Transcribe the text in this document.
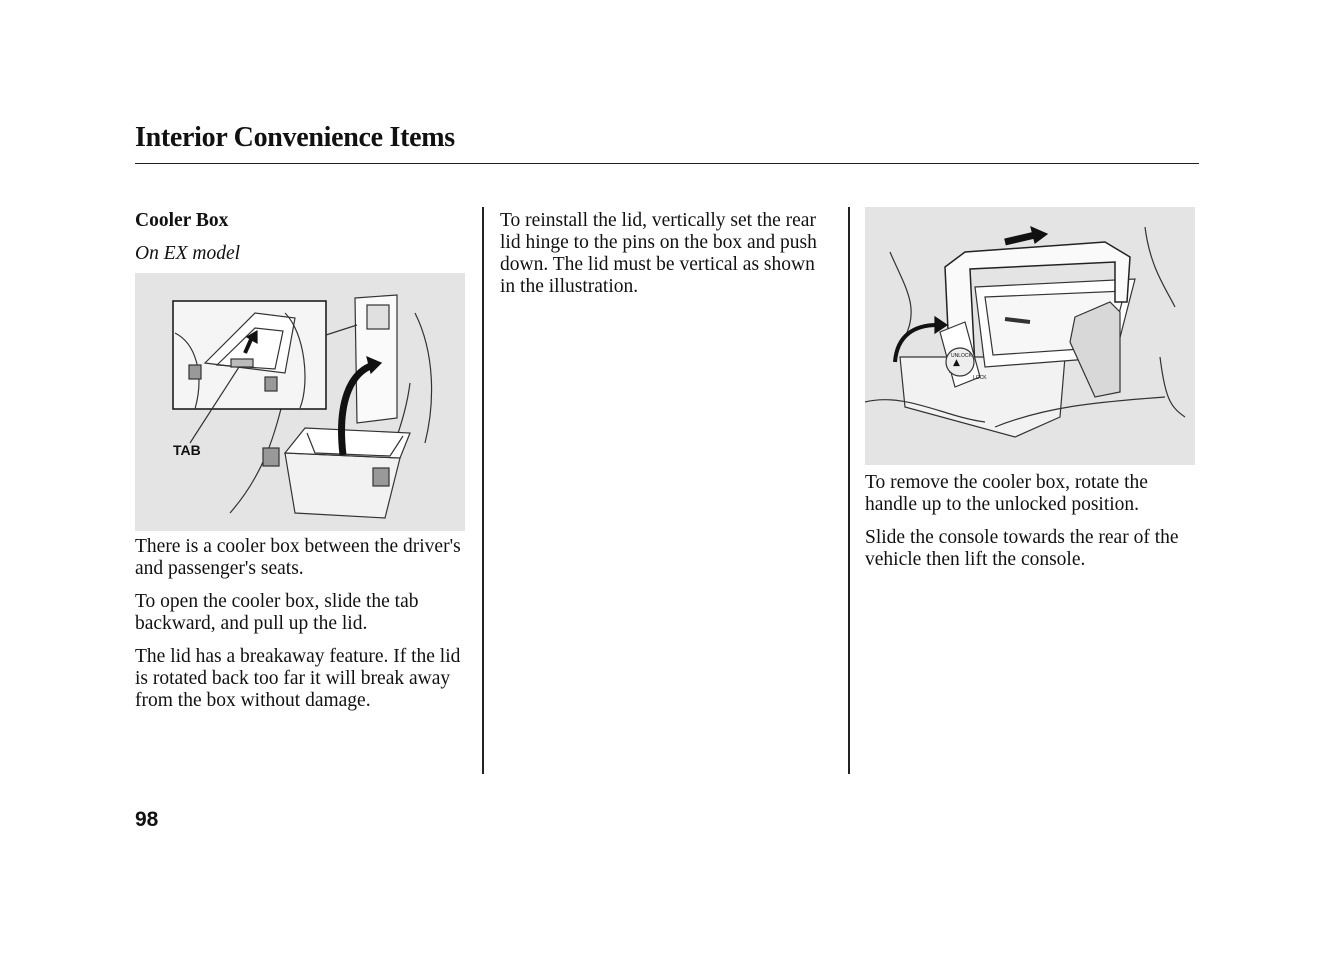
Interior Convenience Items

Cooler Box

On EX model

TAB

There is a cooler box between the driver's and passenger's seats.

To open the cooler box, slide the tab backward, and pull up the lid.

The lid has a breakaway feature. If the lid is rotated back too far it will break away from the box without damage.

To reinstall the lid, vertically set the rear lid hinge to the pins on the box and push down. The lid must be vertical as shown in the illustration.

UNLOCK
LOCK
▲

To remove the cooler box, rotate the handle up to the unlocked position.

Slide the console towards the rear of the vehicle then lift the console.

98
